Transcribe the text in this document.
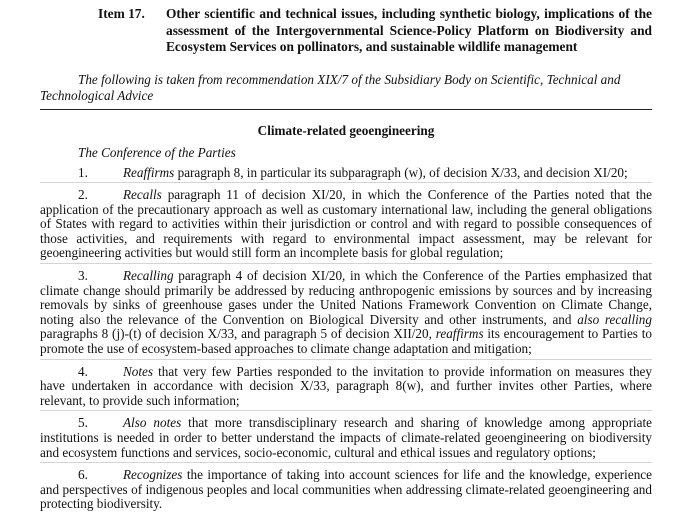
Item 17.	Other scientific and technical issues, including synthetic biology, implications of the assessment of the Intergovernmental Science-Policy Platform on Biodiversity and Ecosystem Services on pollinators, and sustainable wildlife management
The following is taken from recommendation XIX/7 of the Subsidiary Body on Scientific, Technical and Technological Advice
Climate-related geoengineering
The Conference of the Parties
1.	Reaffirms paragraph 8, in particular its subparagraph (w), of decision X/33, and decision XI/20;
2.	Recalls paragraph 11 of decision XI/20, in which the Conference of the Parties noted that the application of the precautionary approach as well as customary international law, including the general obligations of States with regard to activities within their jurisdiction or control and with regard to possible consequences of those activities, and requirements with regard to environmental impact assessment, may be relevant for geoengineering activities but would still form an incomplete basis for global regulation;
3.	Recalling paragraph 4 of decision XI/20, in which the Conference of the Parties emphasized that climate change should primarily be addressed by reducing anthropogenic emissions by sources and by increasing removals by sinks of greenhouse gases under the United Nations Framework Convention on Climate Change, noting also the relevance of the Convention on Biological Diversity and other instruments, and also recalling paragraphs 8 (j)-(t) of decision X/33, and paragraph 5 of decision XII/20, reaffirms its encouragement to Parties to promote the use of ecosystem-based approaches to climate change adaptation and mitigation;
4.	Notes that very few Parties responded to the invitation to provide information on measures they have undertaken in accordance with decision X/33, paragraph 8(w), and further invites other Parties, where relevant, to provide such information;
5.	Also notes that more transdisciplinary research and sharing of knowledge among appropriate institutions is needed in order to better understand the impacts of climate-related geoengineering on biodiversity and ecosystem functions and services, socio-economic, cultural and ethical issues and regulatory options;
6.	Recognizes the importance of taking into account sciences for life and the knowledge, experience and perspectives of indigenous peoples and local communities when addressing climate-related geoengineering and protecting biodiversity.
